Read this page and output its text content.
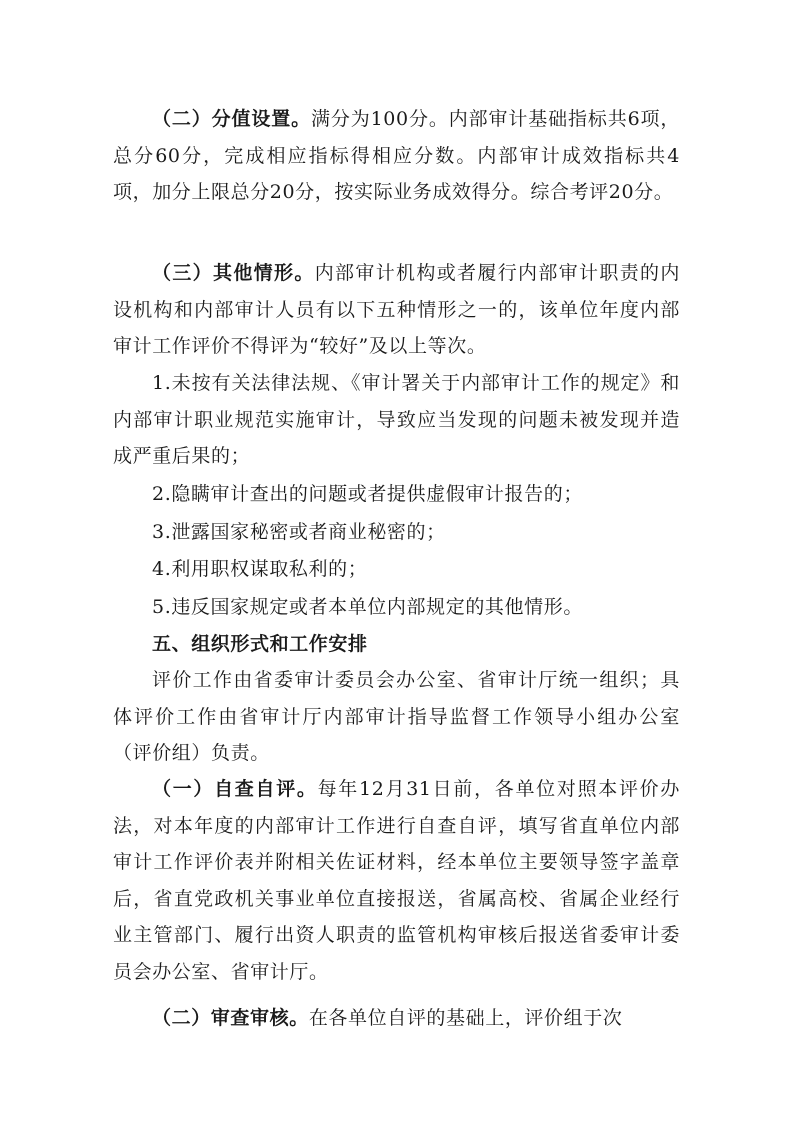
（二）分值设置。满分为100分。内部审计基础指标共6项，总分60分，完成相应指标得相应分数。内部审计成效指标共4项，加分上限总分20分，按实际业务成效得分。综合考评20分。

（三）其他情形。内部审计机构或者履行内部审计职责的内设机构和内部审计人员有以下五种情形之一的，该单位年度内部审计工作评价不得评为“较好”及以上等次。

1.未按有关法律法规、《审计署关于内部审计工作的规定》和内部审计职业规范实施审计，导致应当发现的问题未被发现并造成严重后果的；

2.隐瞒审计查出的问题或者提供虚假审计报告的；

3.泄露国家秘密或者商业秘密的；

4.利用职权谋取私利的；

5.违反国家规定或者本单位内部规定的其他情形。

五、组织形式和工作安排

评价工作由省委审计委员会办公室、省审计厅统一组织；具体评价工作由省审计厅内部审计指导监督工作领导小组办公室（评价组）负责。

（一）自查自评。每年12月31日前，各单位对照本评价办法，对本年度的内部审计工作进行自查自评，填写省直单位内部审计工作评价表并附相关佐证材料，经本单位主要领导签字盖章后，省直党政机关事业单位直接报送，省属高校、省属企业经行业主管部门、履行出资人职责的监管机构审核后报送省委审计委员会办公室、省审计厅。

（二）审查审核。在各单位自评的基础上，评价组于次
